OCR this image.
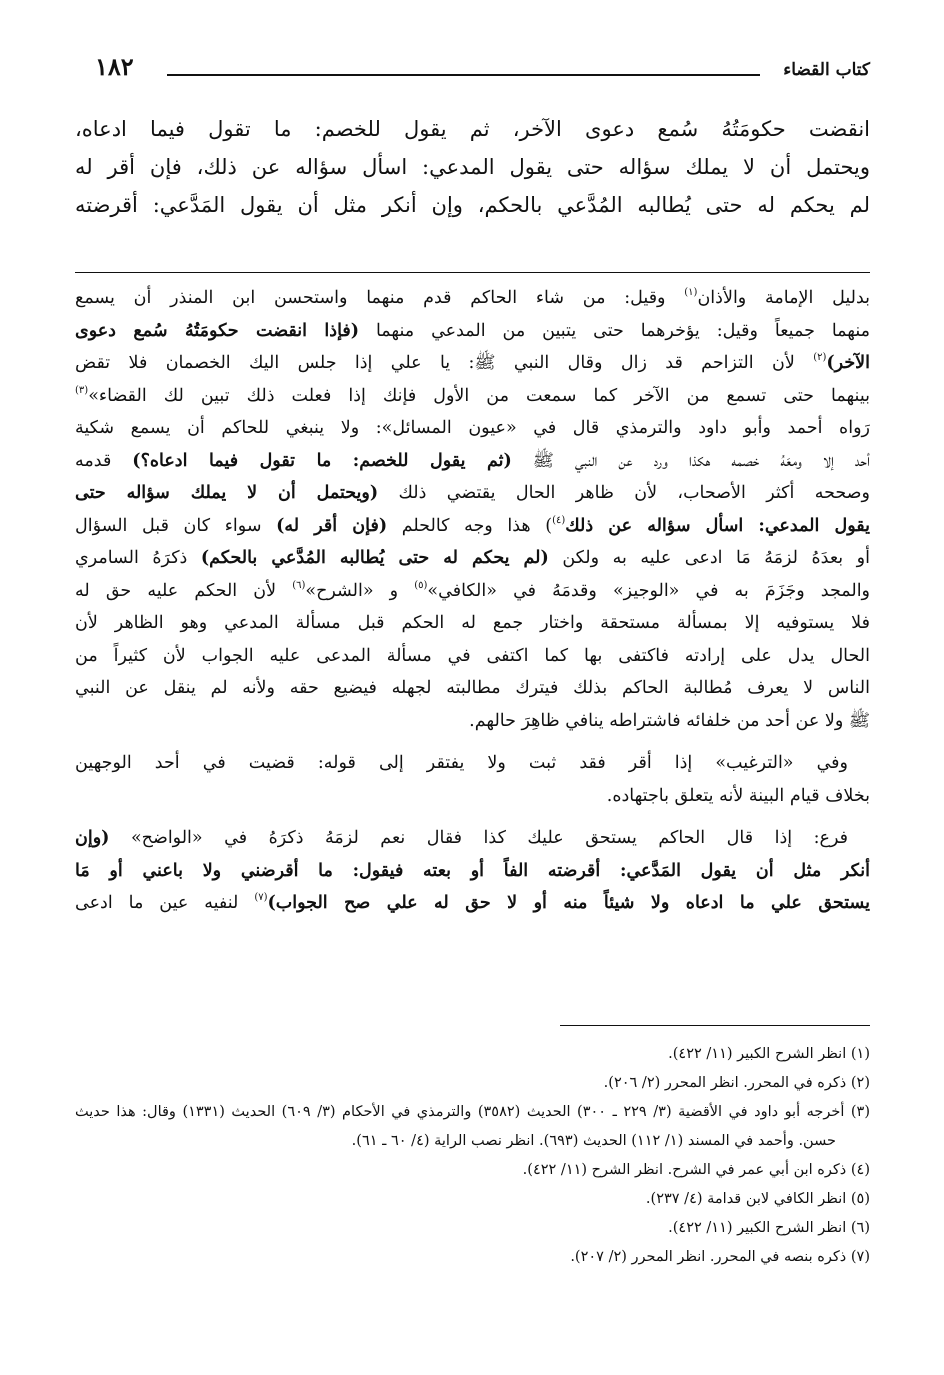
كتاب القضاء
١٨٢
انقضت حكومَتُهُ سُمع دعوى الآخر، ثم يقول للخصم: ما تقول فيما ادعاه،
ويحتمل أن لا يملك سؤاله حتى يقول المدعي: اسأل سؤاله عن ذلك، فإن أقر له
لم يحكم له حتى يُطالبه المُدَّعي بالحكم، وإن أنكر مثل أن يقول المَدَّعي: أقرضته
بدليل الإمامة والأذان$^{(١)}$ وقيل: من شاء الحاكم قدم منهما واستحسن ابن المنذر أن يسمع
منهما جميعاً وقيل: يؤخرهما حتى يتبين من المدعي منهما (فإذا انقضت حكومَتُهُ سُمع دعوى
الآخر)$^{(٢)}$ لأن التزاحم قد زال وقال النبي ﷺ: يا علي إذا جلس اليك الخصمان فلا تقض
بينهما حتى تسمع من الآخر كما سمعت من الأول فإنك إذا فعلت ذلك تبين لك القضاء»$^{(٣)}$
رَواه أحمد وأبو داود والترمذي قال في «عيون المسائل»: ولا ينبغي للحاكم أن يسمع شكية
أحد إلا ومعَهُ خصمه هكذا ورد عن النبي ﷺ (ثم يقول للخصم: ما تقول فيما ادعاه؟) قدمه
وصححه أكثر الأصحاب، لأن ظاهر الحال يقتضي ذلك (ويحتمل أن لا يملك سؤاله حتى
يقول المدعي: اسأل سؤاله عن ذلك$^{(٤)}$) هذا وجه كالحلم (فإن أقر له) سواء كان قبل السؤال
أو بعدَهُ لزمَهُ مَا ادعى عليه به ولكن (لم يحكم له حتى يُطالبه المُدَّعي بالحكم) ذكرَهُ السامري
والمجد وجَزَمَ به في «الوجيز» وقدمَهُ في «الكافي»$^{(٥)}$ و «الشرح»$^{(٦)}$ لأن الحكم عليه حق له
فلا يستوفيه إلا بمسألة مستحقة واختار جمع له الحكم قبل مسألة المدعي وهو الظاهر لأن
الحال يدل على إرادته فاكتفى بها كما اكتفى في مسألة المدعى عليه الجواب لأن كثيراً من
الناس لا يعرف مُطالبة الحاكم بذلك فيترك مطالبته لجهله فيضيع حقه ولأنه لم ينقل عن النبي
ﷺ ولا عن أحد من خلفائه فاشتراطه ينافي ظاهِرَ حالهم.
وفي «الترغيب» إذا أقر فقد ثبت ولا يفتقر إلى قوله: قضيت في أحد الوجهين
بخلاف قيام البينة لأنه يتعلق باجتهاده.
فرع: إذا قال الحاكم يستحق عليك كذا فقال نعم لزمَهُ ذكرَهُ في «الواضح» (وإن
أنكر مثل أن يقول المَدَّعي: أقرضته الفاً أو بعته فيقول: ما أقرضني ولا باعني أو مَا
يستحق علي ما ادعاه ولا شيئاً منه أو لا حق له علي صح الجواب)$^{(٧)}$ لنفيه عين ما ادعى
(١) انظر الشرح الكبير (١١/ ٤٢٢).
(٢) ذكره في المحرر. انظر المحرر (٢/ ٢٠٦).
(٣) أخرجه أبو داود في الأقضية (٣/ ٢٢٩ ـ ٣٠٠) الحديث (٣٥٨٢) والترمذي في الأحكام (٣/ ٦٠٩) الحديث (١٣٣١) وقال: هذا حديث حسن. وأحمد في المسند (١/ ١١٢) الحديث (٦٩٣). انظر نصب الراية (٤/ ٦٠ ـ ٦١).
(٤) ذكره ابن أبي عمر في الشرح. انظر الشرح (١١/ ٤٢٢).
(٥) انظر الكافي لابن قدامة (٤/ ٢٣٧).
(٦) انظر الشرح الكبير (١١/ ٤٢٢).
(٧) ذكره بنصه في المحرر. انظر المحرر (٢/ ٢٠٧).
